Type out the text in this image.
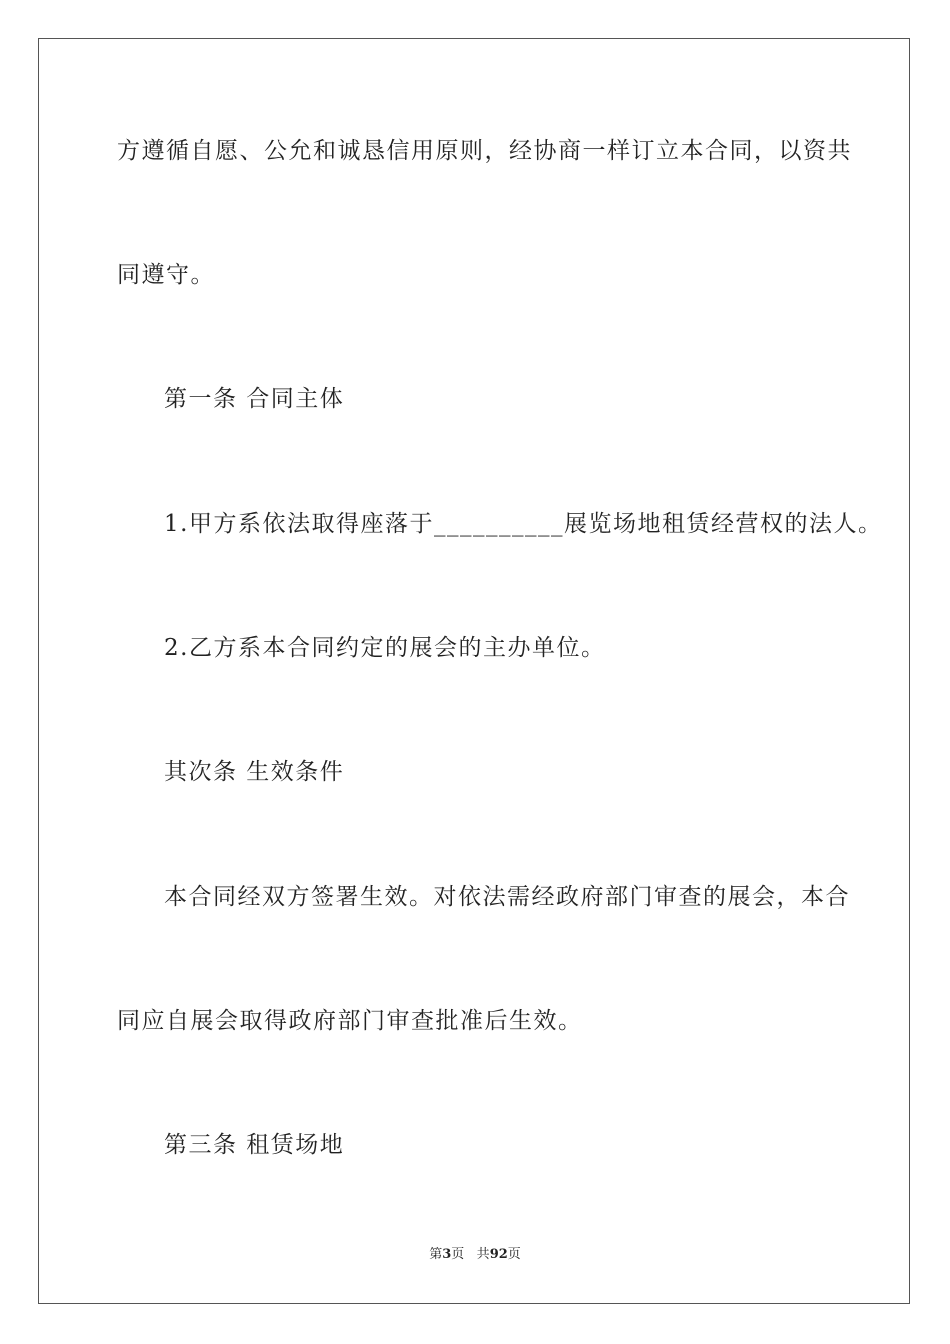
方遵循自愿、公允和诚恳信用原则，经协商一样订立本合同，以资共
同遵守。
第一条 合同主体
1.甲方系依法取得座落于__________展览场地租赁经营权的法人。
2.乙方系本合同约定的展会的主办单位。
其次条 生效条件
本合同经双方签署生效。对依法需经政府部门审查的展会，本合
同应自展会取得政府部门审查批准后生效。
第三条 租赁场地
第3页 共92页
